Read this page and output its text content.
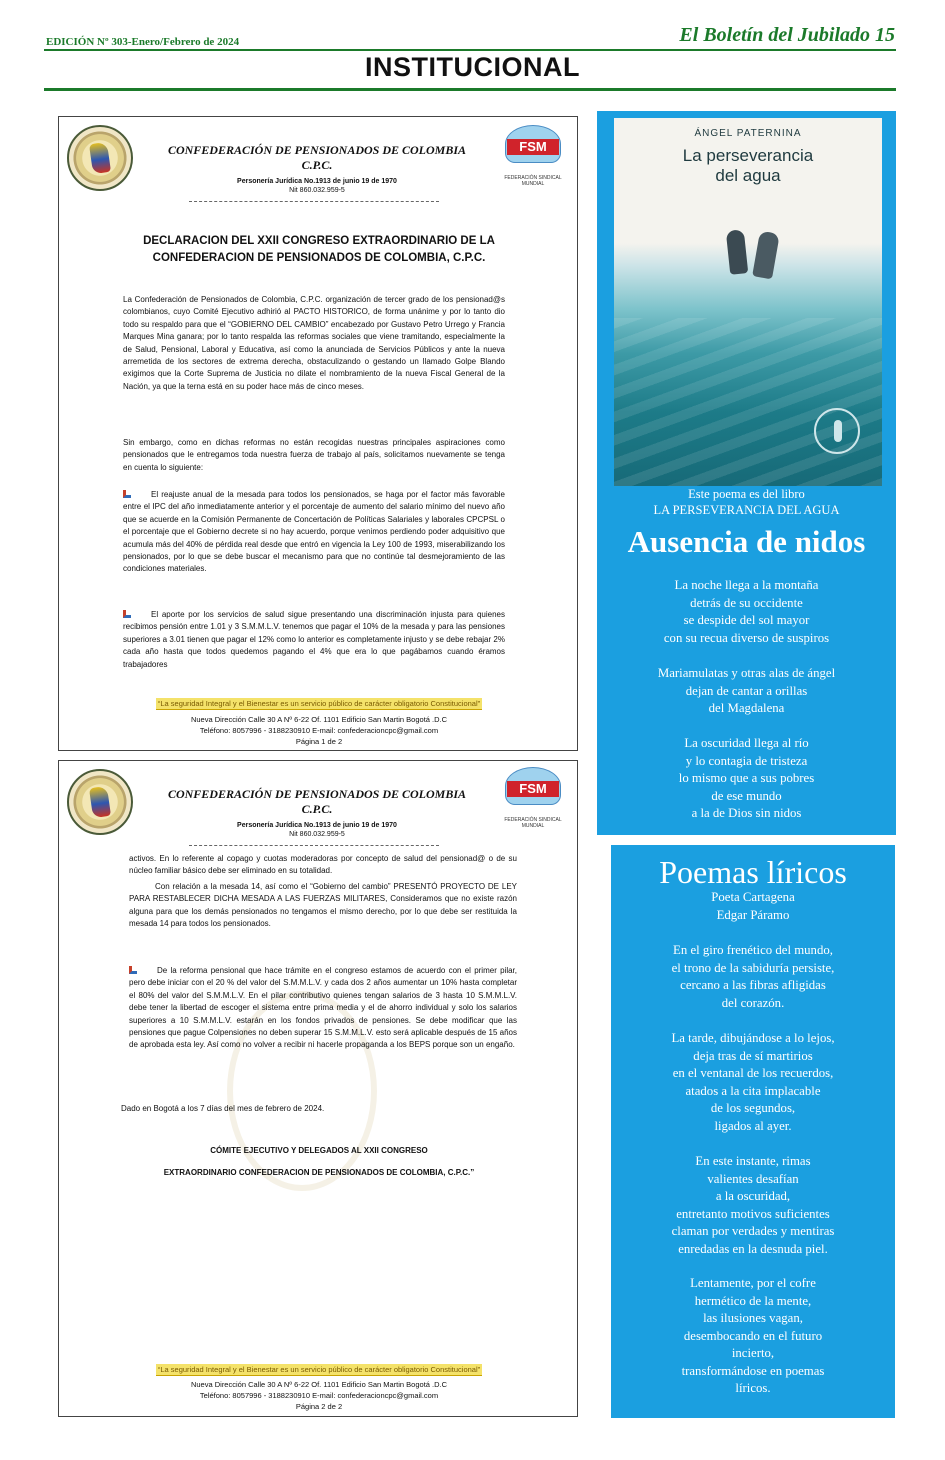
EDICIÓN Nº 303-Enero/Febrero de 2024	El Boletín del Jubilado 15
INSTITUCIONAL
FSM
FEDERACIÓN SINDICAL MUNDIAL
CONFEDERACIÓN DE PENSIONADOS DE COLOMBIA
C.P.C.
Personería Jurídica No.1913 de junio 19 de 1970
Nit 860.032.959-5
DECLARACION DEL XXII CONGRESO EXTRAORDINARIO DE LA
CONFEDERACION DE PENSIONADOS DE COLOMBIA, C.P.C.
La Confederación de Pensionados de Colombia, C.P.C. organización de tercer grado de los pensionad@s colombianos, cuyo Comité Ejecutivo adhirió al PACTO HISTORICO, de forma unánime y por lo tanto dio todo su respaldo para que el “GOBIERNO DEL CAMBIO” encabezado por Gustavo Petro Urrego y Francia Marques Mina ganara; por lo tanto respalda las reformas sociales que viene tramitando, especialmente la de Salud, Pensional, Laboral y Educativa, así como la anunciada de Servicios Públicos y ante la nueva arremetida de los sectores de extrema derecha, obstaculizando o gestando un llamado Golpe Blando exigimos que la Corte Suprema de Justicia no dilate el nombramiento de la nueva Fiscal General de la Nación, ya que la terna está en su poder hace más de cinco meses.
Sin embargo, como en dichas reformas no están recogidas nuestras principales aspiraciones como pensionados que le entregamos toda nuestra fuerza de trabajo al país, solicitamos nuevamente se tenga en cuenta lo siguiente:
El reajuste anual de la mesada para todos los pensionados, se haga por el factor más favorable entre el IPC del año inmediatamente anterior y el porcentaje de aumento del salario mínimo del nuevo año que se acuerde en la Comisión Permanente de Concertación de Políticas Salariales y laborales CPCPSL o el porcentaje que el Gobierno decrete si no hay acuerdo, porque venimos perdiendo poder adquisitivo que acumula más del 40% de pérdida real desde que entró en vigencia la Ley 100 de 1993, miserabilizando los pensionados, por lo que se debe buscar el mecanismo para que no continúe tal desmejoramiento de las condiciones materiales.
El aporte por los servicios de salud sigue presentando una discriminación injusta para quienes recibimos pensión entre 1.01 y 3 S.M.M.L.V. tenemos que pagar el 10% de la mesada y para las pensiones superiores a 3.01 tienen que pagar el 12% como lo anterior es completamente injusto y se debe rebajar 2% cada año hasta que todos quedemos pagando el 4% que era lo que pagábamos cuando éramos trabajadores
“La seguridad Integral y el Bienestar es un servicio público de carácter obligatorio Constitucional”
Nueva Dirección Calle 30 A Nº 6-22 Of. 1101 Edificio San Martin Bogotá .D.C
Teléfono: 8057996 - 3188230910 E-mail: confederacioncpc@gmail.com
Página 1 de 2
FSM
FEDERACIÓN SINDICAL MUNDIAL
CONFEDERACIÓN DE PENSIONADOS DE COLOMBIA
C.P.C.
Personería Jurídica No.1913 de junio 19 de 1970
Nit 860.032.959-5
activos. En lo referente al copago y cuotas moderadoras por concepto de salud del pensionad@ o de su núcleo familiar básico debe ser eliminado en su totalidad.
Con relación a la mesada 14, así como el “Gobierno del cambio” PRESENTÓ PROYECTO DE LEY PARA RESTABLECER DICHA MESADA A LAS FUERZAS MILITARES, Consideramos que no existe razón alguna para que los demás pensionados no tengamos el mismo derecho, por lo que debe ser restituida la mesada 14 para todos los pensionados.
De la reforma pensional que hace trámite en el congreso estamos de acuerdo con el primer pilar, pero debe iniciar con el 20 % del valor del S.M.M.L.V. y cada dos 2 años aumentar un 10% hasta completar el 80% del valor del S.M.M.L.V. En el pilar contributivo quienes tengan salarios de 3 hasta 10 S.M.M.L.V. debe tener la libertad de escoger el sistema entre prima media y el de ahorro individual y solo los salarios superiores a 10 S.M.M.L.V. estarán en los fondos privados de pensiones. Se debe modificar que las pensiones que pague Colpensiones no deben superar 15 S.M.M.L.V. esto será aplicable después de 15 años de aprobada esta ley. Así como no volver a recibir ni hacerle propaganda a los BEPS porque son un engaño.
Dado en Bogotá a los 7 días del mes de febrero de 2024.
CÓMITE EJECUTIVO Y DELEGADOS AL XXII CONGRESO
EXTRAORDINARIO CONFEDERACION DE PENSIONADOS DE COLOMBIA, C.P.C.”
“La seguridad Integral y el Bienestar es un servicio público de carácter obligatorio Constitucional”
Nueva Dirección Calle 30 A Nº 6-22 Of. 1101 Edificio San Martin Bogotá .D.C
Teléfono: 8057996 - 3188230910 E-mail: confederacioncpc@gmail.com
Página 2 de 2
ÁNGEL PATERNINA
La perseverancia
del agua
Este poema es del libro
LA PERSEVERANCIA DEL AGUA
Ausencia de nidos
La noche llega a la montaña
detrás de su occidente
se despide del sol mayor
con su recua diverso de suspiros
Mariamulatas y otras alas de ángel
dejan de cantar a orillas
del Magdalena
La oscuridad llega al río
y lo contagia de tristeza
lo mismo que a sus pobres
de ese mundo
a la de Dios sin nidos
Poemas líricos
Poeta Cartagena
Edgar Páramo
En el giro frenético del mundo,
el trono de la sabiduría persiste,
cercano a las fibras afligidas
del corazón.
La tarde, dibujándose a lo lejos,
deja tras de sí martirios
en el ventanal de los recuerdos,
atados a la cita implacable
de los segundos,
ligados al ayer.
En este instante, rimas
valientes desafían
a la oscuridad,
entretanto motivos suficientes
claman por verdades y mentiras
enredadas en la desnuda piel.
Lentamente, por el cofre
hermético de la mente,
las ilusiones vagan,
desembocando en el futuro
incierto,
transformándose en poemas
líricos.
